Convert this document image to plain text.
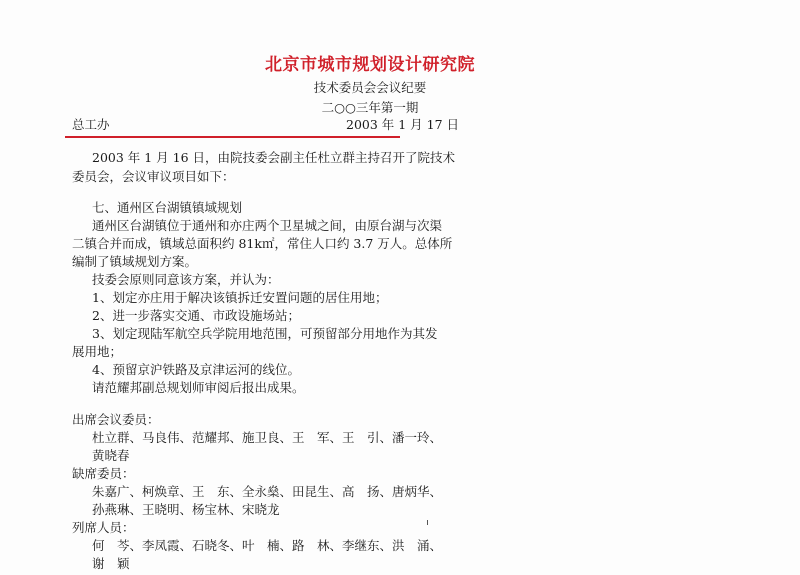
北京市城市规划设计研究院
技术委员会会议纪要
二○○三年第一期
总工办	2003 年 1 月 17 日
2003 年 1 月 16 日，由院技委会副主任杜立群主持召开了院技术
委员会，会议审议项目如下：
七、通州区台湖镇镇域规划
通州区台湖镇位于通州和亦庄两个卫星城之间，由原台湖与次渠
二镇合并而成，镇域总面积约 81k㎡，常住人口约 3.7 万人。总体所
编制了镇域规划方案。
技委会原则同意该方案，并认为：
1、划定亦庄用于解决该镇拆迁安置问题的居住用地；
2、进一步落实交通、市政设施场站；
3、划定现陆军航空兵学院用地范围，可预留部分用地作为其发
展用地；
4、预留京沪铁路及京津运河的线位。
请范耀邦副总规划师审阅后报出成果。
出席会议委员：
杜立群、马良伟、范耀邦、施卫良、王　军、王　引、潘一玲、
黄晓春
缺席委员：
朱嘉广、柯焕章、王　东、全永燊、田昆生、高　扬、唐炳华、
孙燕琳、王晓明、杨宝林、宋晓龙
列席人员：
何　芩、李凤霞、石晓冬、叶　楠、路　林、李继东、洪　涌、
谢　颖
